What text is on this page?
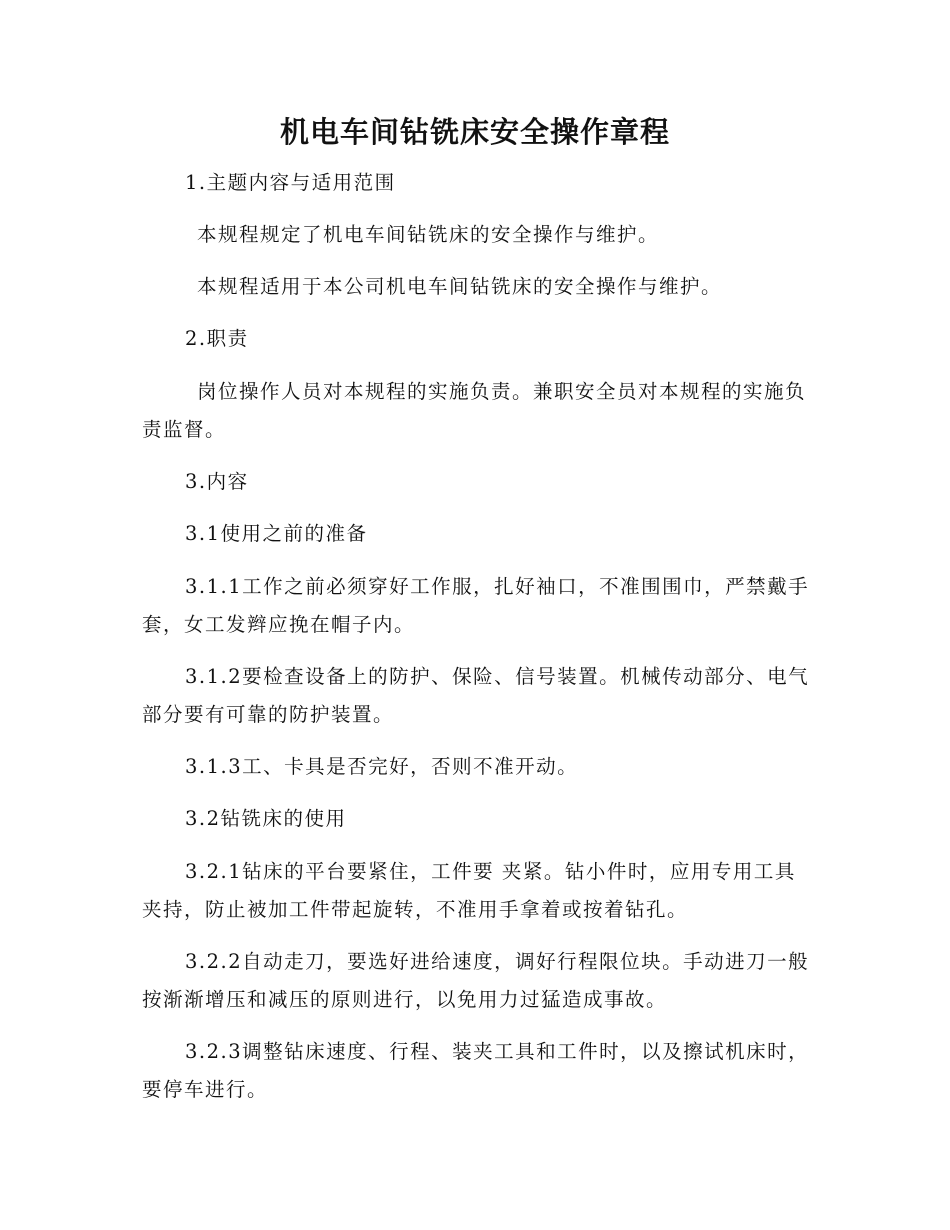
机电车间钻铣床安全操作章程

1.主题内容与适用范围

本规程规定了机电车间钻铣床的安全操作与维护。

本规程适用于本公司机电车间钻铣床的安全操作与维护。

2.职责

岗位操作人员对本规程的实施负责。兼职安全员对本规程的实施负责监督。

3.内容

3.1使用之前的准备

3.1.1工作之前必须穿好工作服，扎好袖口，不准围围巾，严禁戴手套，女工发辫应挽在帽子内。

3.1.2要检查设备上的防护、保险、信号装置。机械传动部分、电气部分要有可靠的防护装置。

3.1.3工、卡具是否完好，否则不准开动。

3.2钻铣床的使用

3.2.1钻床的平台要紧住，工件要 夹紧。钻小件时，应用专用工具夹持，防止被加工件带起旋转，不准用手拿着或按着钻孔。

3.2.2自动走刀，要选好进给速度，调好行程限位块。手动进刀一般按渐渐增压和减压的原则进行，以免用力过猛造成事故。

3.2.3调整钻床速度、行程、装夹工具和工件时，以及擦试机床时，要停车进行。
